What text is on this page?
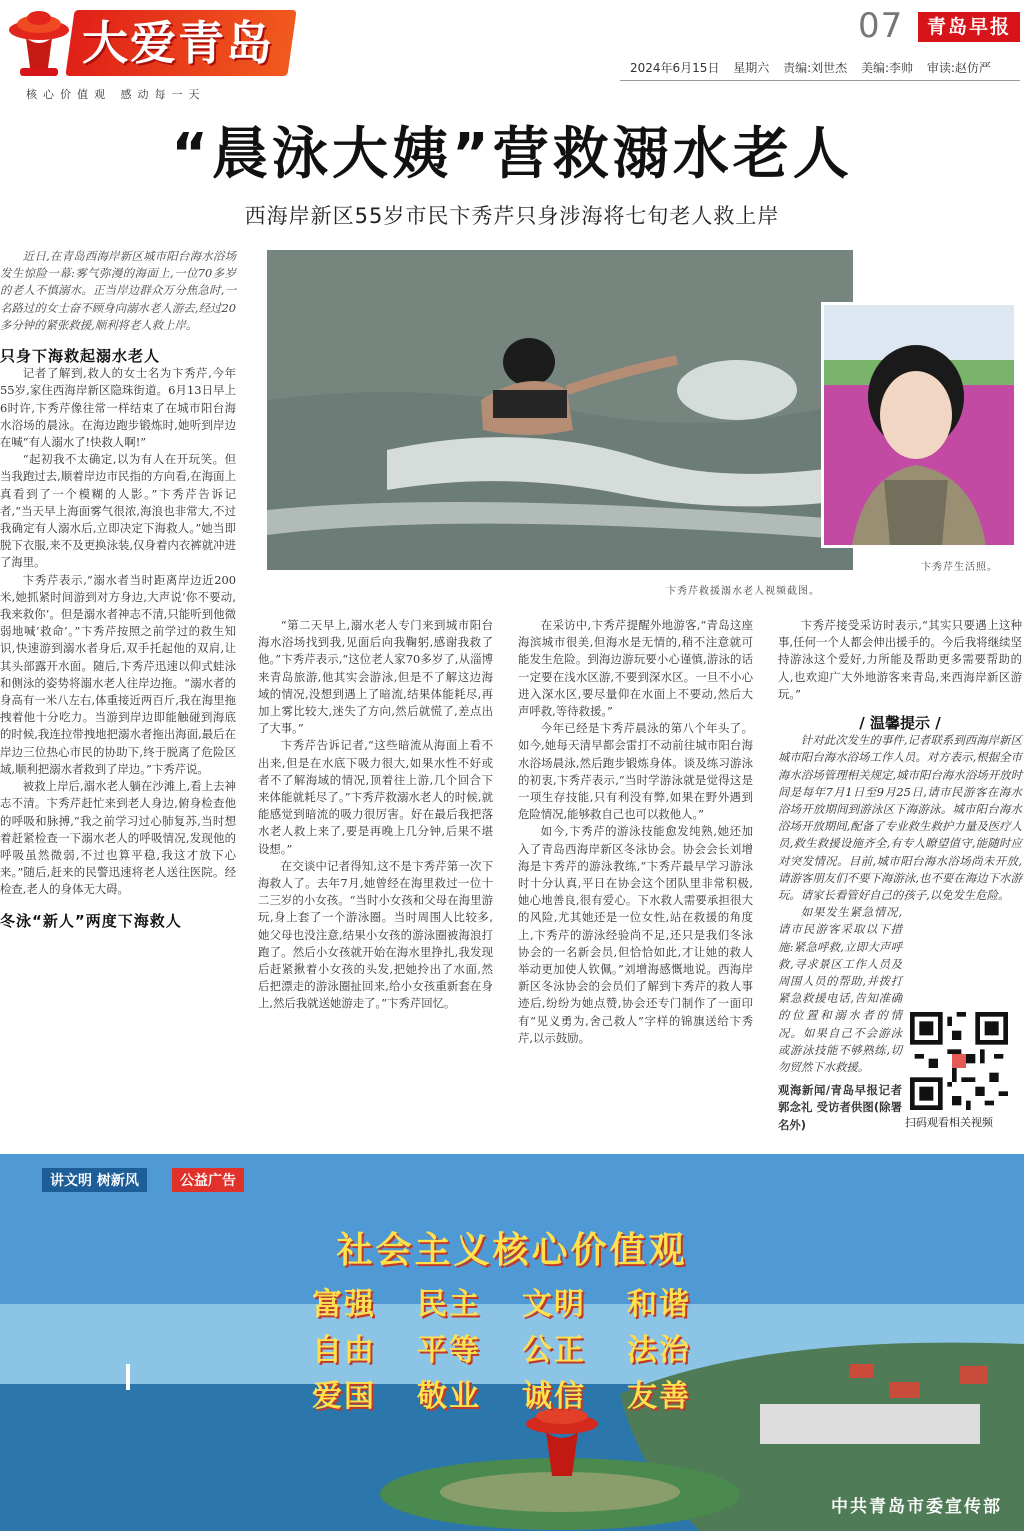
大爱青岛
核心价值观 感动每一天
07	青岛早报
2024年6月15日 星期六 责编:刘世杰 美编:李帅 审读:赵仿严
“晨泳大姨”营救溺水老人
西海岸新区55岁市民卞秀芹只身涉海将七旬老人救上岸
卞秀芹救援溺水老人视频截图。
卞秀芹生活照。

近日,在青岛西海岸新区城市阳台海水浴场发生惊险一幕:雾气弥漫的海面上,一位70多岁的老人不慎溺水。正当岸边群众万分焦急时,一名路过的女士奋不顾身向溺水老人游去,经过20多分钟的紧张救援,顺利将老人救上岸。

只身下海救起溺水老人

记者了解到,救人的女士名为卞秀芹,今年55岁,家住西海岸新区隐珠街道。6月13日早上6时许,卞秀芹像往常一样结束了在城市阳台海水浴场的晨泳。在海边跑步锻炼时,她听到岸边在喊“有人溺水了!快救人啊!”

“起初我不太确定,以为有人在开玩笑。但当我跑过去,顺着岸边市民指的方向看,在海面上真看到了一个模糊的人影。”卞秀芹告诉记者,“当天早上海面雾气很浓,海浪也非常大,不过我确定有人溺水后,立即决定下海救人。”她当即脱下衣服,来不及更换泳装,仅身着内衣裤就冲进了海里。

卞秀芹表示,“溺水者当时距离岸边近200米,她抓紧时间游到对方身边,大声说‘你不要动,我来救你’。但是溺水者神志不清,只能听到他微弱地喊‘救命’。”卞秀芹按照之前学过的救生知识,快速游到溺水者身后,双手托起他的双肩,让其头部露开水面。随后,卞秀芹迅速以仰式蛙泳和侧泳的姿势将溺水老人往岸边拖。“溺水者的身高有一米八左右,体重接近两百斤,我在海里拖拽着他十分吃力。当游到岸边即能触碰到海底的时候,我连拉带拽地把溺水者拖出海面,最后在岸边三位热心市民的协助下,终于脱离了危险区域,顺利把溺水者救到了岸边。”卞秀芹说。

被救上岸后,溺水老人躺在沙滩上,看上去神志不清。卞秀芹赶忙来到老人身边,俯身检查他的呼吸和脉搏,“我之前学习过心肺复苏,当时想着赶紧检查一下溺水老人的呼吸情况,发现他的呼吸虽然微弱,不过也算平稳,我这才放下心来。”随后,赶来的民警迅速将老人送往医院。经检查,老人的身体无大碍。

冬泳“新人”两度下海救人

“第二天早上,溺水老人专门来到城市阳台海水浴场找到我,见面后向我鞠躬,感谢我救了他。”卞秀芹表示,“这位老人家70多岁了,从淄博来青岛旅游,他其实会游泳,但是不了解这边海域的情况,没想到遇上了暗流,结果体能耗尽,再加上雾比较大,迷失了方向,然后就慌了,差点出了大事。”

卞秀芹告诉记者,“这些暗流从海面上看不出来,但是在水底下吸力很大,如果水性不好或者不了解海域的情况,顶着往上游,几个回合下来体能就耗尽了。”卞秀芹救溺水老人的时候,就能感觉到暗流的吸力很厉害。好在最后我把落水老人救上来了,要是再晚上几分钟,后果不堪设想。”

在交谈中记者得知,这不是卞秀芹第一次下海救人了。去年7月,她曾经在海里救过一位十二三岁的小女孩。“当时小女孩和父母在海里游玩,身上套了一个游泳圈。当时周围人比较多,她父母也没注意,结果小女孩的游泳圈被海浪打跑了。然后小女孩就开始在海水里挣扎,我发现后赶紧揪着小女孩的头发,把她拎出了水面,然后把漂走的游泳圈扯回来,给小女孩重新套在身上,然后我就送她游走了。”卞秀芹回忆。

在采访中,卞秀芹提醒外地游客,“青岛这座海滨城市很美,但海水是无情的,稍不注意就可能发生危险。到海边游玩要小心谨慎,游泳的话一定要在浅水区游,不要到深水区。一旦不小心进入深水区,要尽量仰在水面上不要动,然后大声呼救,等待救援。”

今年已经是卞秀芹晨泳的第八个年头了。如今,她每天清早都会雷打不动前往城市阳台海水浴场晨泳,然后跑步锻炼身体。谈及练习游泳的初衷,卞秀芹表示,“当时学游泳就是觉得这是一项生存技能,只有利没有弊,如果在野外遇到危险情况,能够救自己也可以救他人。”

如今,卞秀芹的游泳技能愈发纯熟,她还加入了青岛西海岸新区冬泳协会。协会会长刘增海是卞秀芹的游泳教练,“卞秀芹最早学习游泳时十分认真,平日在协会这个团队里非常积极,她心地善良,很有爱心。下水救人需要承担很大的风险,尤其她还是一位女性,站在救援的角度上,卞秀芹的游泳经验尚不足,还只是我们冬泳协会的一名新会员,但恰恰如此,才让她的救人举动更加使人钦佩。”刘增海感慨地说。西海岸新区冬泳协会的会员们了解到卞秀芹的救人事迹后,纷纷为她点赞,协会还专门制作了一面印有“见义勇为,舍己救人”字样的锦旗送给卞秀芹,以示鼓励。

卞秀芹接受采访时表示,“其实只要遇上这种事,任何一个人都会伸出援手的。今后我将继续坚持游泳这个爱好,力所能及帮助更多需要帮助的人,也欢迎广大外地游客来青岛,来西海岸新区游玩。”

/ 温馨提示 /

针对此次发生的事件,记者联系到西海岸新区城市阳台海水浴场工作人员。对方表示,根据全市海水浴场管理相关规定,城市阳台海水浴场开放时间是每年7月1日至9月25日,请市民游客在海水浴场开放期间到游泳区下海游泳。城市阳台海水浴场开放期间,配备了专业救生救护力量及医疗人员,救生救援设施齐全,有专人瞭望值守,能随时应对突发情况。目前,城市阳台海水浴场尚未开放,请游客朋友们不要下海游泳,也不要在海边下水游玩。请家长看管好自己的孩子,以免发生危险。

如果发生紧急情况,请市民游客采取以下措施:紧急呼救,立即大声呼救,寻求景区工作人员及周围人员的帮助,并拨打紧急救援电话,告知准确的位置和溺水者的情况。如果自己不会游泳或游泳技能不够熟练,切勿贸然下水救援。

观海新闻/青岛早报记者 郭念礼 受访者供图(除署名外)	扫码观看相关视频
讲文明 树新风	公益广告
社会主义核心价值观
富强	民主	文明	和谐
自由	平等	公正	法治
爱国	敬业	诚信	友善
中共青岛市委宣传部
